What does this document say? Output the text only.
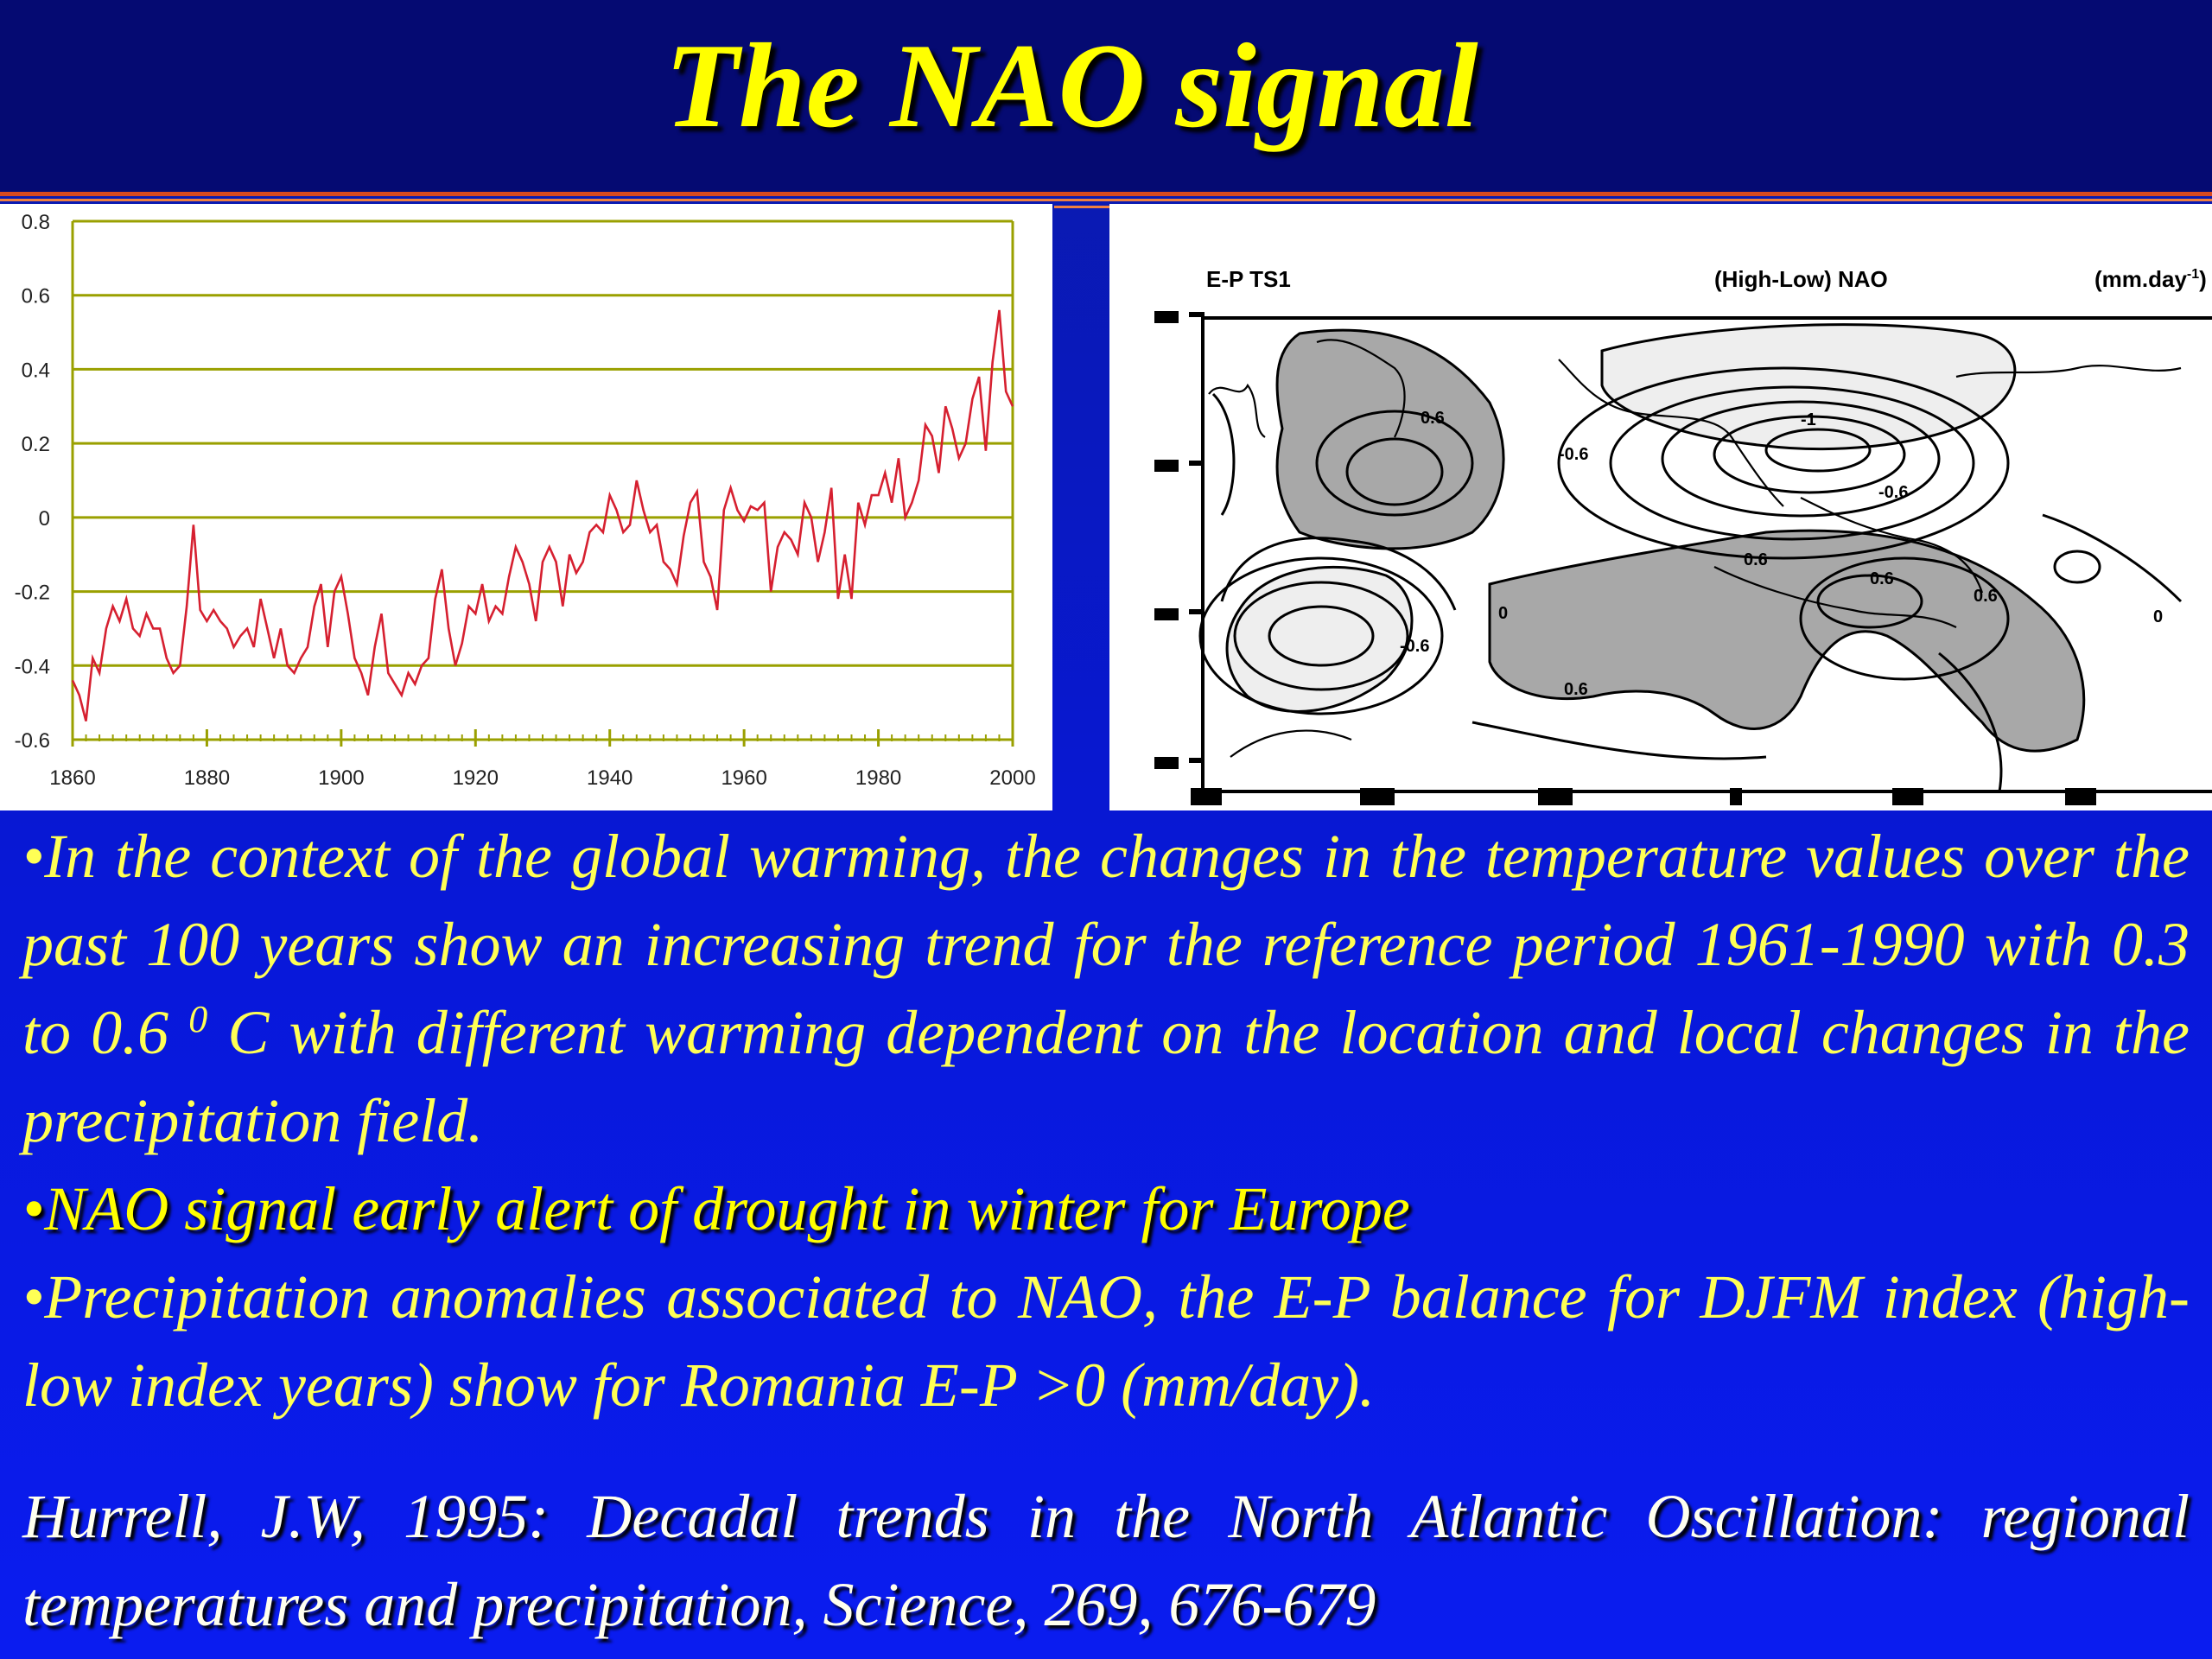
The NAO signal
0.8
0.6
0.4
0.2
0
-0.2
-0.4
-0.6
1860	1880	1900	1920	1940	1960	1980	2000
E-P TS1	(High-Low) NAO	(mm.day$^{-1}$)
0.6
-0.6
-1
-0.6
0.6
0.6
0.6
-0.6
0
0.6
0

•In the context of the global warming, the changes in the temperature values over the past 100 years show an increasing trend for the reference period 1961-1990 with 0.3 to 0.6 $^0$ C with different warming dependent on the location and local changes in the precipitation field.

•NAO signal early alert of drought in winter for Europe

•Precipitation anomalies associated to NAO, the E-P balance for DJFM index (high-low index years) show for Romania E-P >0 (mm/day).

Hurrell, J.W, 1995: Decadal trends in the North Atlantic Oscillation: regional temperatures and precipitation, Science, 269, 676-679
